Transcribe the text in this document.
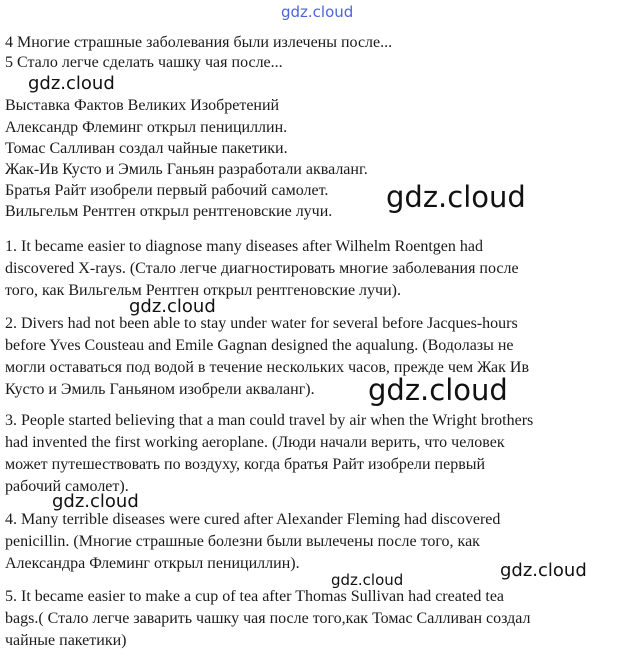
gdz.cloud
4 Многие страшные заболевания были излечены после...
5 Стало легче сделать чашку чая после...
Выставка Фактов Великих Изобретений
Александр Флеминг открыл пенициллин.
Томас Салливан создал чайные пакетики.
Жак-Ив Кусто и Эмиль Ганьян разработали акваланг.
Братья Райт изобрели первый рабочий самолет.
Вильгельм Рентген открыл рентгеновские лучи.
1. It became easier to diagnose many diseases after Wilhelm Roentgen had
discovered X-rays. (Стало легче диагностировать многие заболевания после
того, как Вильгельм Рентген открыл рентгеновские лучи).
2. Divers had not been able to stay under water for several before Jacques-hours
before Yves Cousteau and Emile Gagnan designed the aqualung. (Водолазы не
могли оставаться под водой в течение нескольких часов, прежде чем Жак Ив
Кусто и Эмиль Ганьяном изобрели акваланг).
3. People started believing that a man could travel by air when the Wright brothers
had invented the first working aeroplane. (Люди начали верить, что человек
может путешествовать по воздуху, когда братья Райт изобрели первый
рабочий самолет).
4. Many terrible diseases were cured after Alexander Fleming had discovered
penicillin. (Многие страшные болезни были вылечены после того, как
Александра Флеминг открыл пенициллин).
5. It became easier to make a cup of tea after Thomas Sullivan had created tea
bags.( Стало легче заварить чашку чая после того,как Томас Салливан создал
чайные пакетики)
gdz.cloud
gdz.cloud
gdz.cloud
gdz.cloud
gdz.cloud
gdz.cloud	gdz.cloud
